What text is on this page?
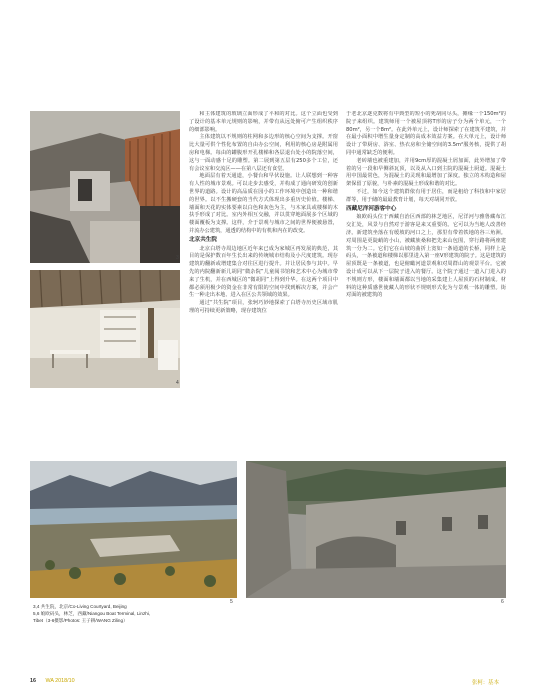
3
4

和主体建筑的玻璃立面形成了平和的对比。这个立面也受到了设计的基本单元规则的影响，并带有从远处俯可产生组织秩序的细部影响。

主体建筑以不规则的柱网和多边形的核心空间为支撑。开窗比大量可供个性化布置的自由办公空间，利用的核心房是附属用房和电梯。每由的罐腹形开孔楼梯和各层退台处小的院落空间，这与一面动感十足的雕塑。第二展到第五层有250多个工位，还有会议室和交流区——在第八层还有食堂。

地面层有着天通道，小餐台和早伏设施。让人联想到一种客有人性的城市景观。可以走步去感受，并构成了通向研发的创新世界的道路。设计的高品质在园小的工作环境中创造出一种和谐的世界。以不生搬硬套的当代方式体现出多重历史价值。楼梯、墙面和天花的实体要素以白色和灰色为主，与木家具或楼梯的木扶手形成了对比。室内外相互交融，并以贯穿地面展多个区域的楼面覆板为支撑。这样，介于景观与城市之间的世界便被悬置，并流办公建筑，通透的结构中的有机和内在的改变。

北京共生院

北京白塔寺周边地区近年来已成为家城区再发展的典范，其目的是保护数百年生长出来的传统城市结构及小尺度建筑。现存建筑的翻新或增建集合对往区进行提升。并让居民参与其中。早先的内院翻新新儿胡同“微杂院”儿童阅书馆和艺术中心为城市带来了生机，并在西城区的“微胡同”上得到升华。在这两个项目中都必须用极少的资金在非常有限的空间中找到解决方案，并会产生一种走出本地、进入在区公共领域的效果。

通过“共生院”项目，张轲巧妙地探索了白塔寺历史区域市肌理的可持续更新策略，现存建筑位

于老北京逐克数将有中典型的短小的死胡同尽头，摊缘一个150m²的院子来组织。建筑师用一个被屋顶将T形的房子分为两个单元，一个80m²，另一个8m²。在此外单元上，设计师探索了在建筑平建筑，并在最小面积中增生量身定制的高成本效益方案。在大单元上，设计师设计了带厨房、浴室、热衣房和全储空间的3.5m²服务核，提供了胡同中通常缺乏的便利。

老砖墙也被重建加，并用9cm厚的混凝土屑加面，此外增加了带着的另一段和早侧斜瓦顶，以及从入口到主院的混凝土厨道。混凝土用中国最常色，为混凝土的灵现和最增加了深度。独立的木构造和屋架保留了原貌，与朴素的混凝土形成和谐的对比。

不过，如今这个建筑群依有用于居住，而是租给了科技和中家居群等，用于储的最最教育计划，每天对胡同开放。

西藏尼洋河游客中心

娘欧码头位于西藏自治区西部的林芝地区，尼洋河与雅鲁藏布江交汇处，风景与自然对于游客是来又重要的。它可以为当地人改善经济。新建筑坐落在有缓坡的河口之上，那里有带着铁地的谷三角洲。对周围是更陡峭的小山，被藏族桑和把先来山包围，穿行路将两座建筑一分为二。它们它在山坡的曲折上宽如一条通道的长桥，同样上是码头，一条被道和楼梯以那里进入第一座V形建筑的院子。这是建筑的屋顶既是一条被道，也是俯瞰河道景观和对周群山的观景平台。它被设计成可以从下一层院子进入的餐厅。这个院子通过一道入门进入的不规则方形，楼面和墙面都以当地的采集建上人屋顶的石材制成。材料的这种质感世使藏人的形状不规则形式化为与景观一体的雕塑。街对面的被建筑的

5	6
3,4 共生院，北京/Co-Living Courtyard, Beijing
5,6 娘欧码头，林芝，西藏/Niangou Boat Terminal, Linzhi,
Tibet（3-6摄影/Photos: 王子耕/WANG Ziling）
16 WA 2018/10	张柯：基本
